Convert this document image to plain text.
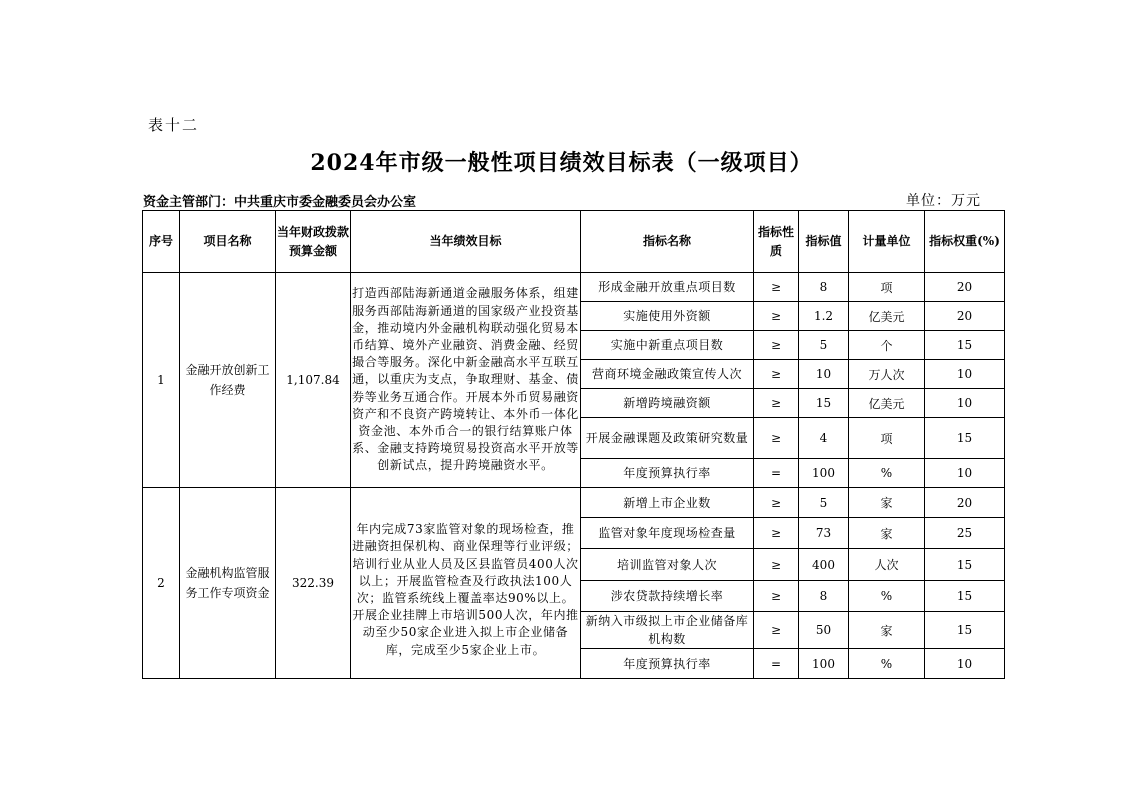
表十二
2024年市级一般性项目绩效目标表（一级项目）
资金主管部门：中共重庆市委金融委员会办公室	单位：万元
序号	项目名称	当年财政拨款预算金额	当年绩效目标	指标名称	指标性质	指标值	计量单位	指标权重(%)
1	金融开放创新工作经费	1,107.84	打造西部陆海新通道金融服务体系，组建服务西部陆海新通道的国家级产业投资基金，推动境内外金融机构联动强化贸易本币结算、境外产业融资、消费金融、经贸撮合等服务。深化中新金融高水平互联互通，以重庆为支点，争取理财、基金、债券等业务互通合作。开展本外币贸易融资资产和不良资产跨境转让、本外币一体化资金池、本外币合一的银行结算账户体系、金融支持跨境贸易投资高水平开放等创新试点，提升跨境融资水平。	形成金融开放重点项目数	≥	8	项	20
				实施使用外资额	≥	1.2	亿美元	20
				实施中新重点项目数	≥	5	个	15
				营商环境金融政策宣传人次	≥	10	万人次	10
				新增跨境融资额	≥	15	亿美元	10
				开展金融课题及政策研究数量	≥	4	项	15
				年度预算执行率	=	100	%	10
2	金融机构监管服务工作专项资金	322.39	年内完成73家监管对象的现场检查，推进融资担保机构、商业保理等行业评级；培训行业从业人员及区县监管员400人次以上；开展监管检查及行政执法100人次；监管系统线上覆盖率达90%以上。开展企业挂牌上市培训500人次，年内推动至少50家企业进入拟上市企业储备库，完成至少5家企业上市。	新增上市企业数	≥	5	家	20
				监管对象年度现场检查量	≥	73	家	25
				培训监管对象人次	≥	400	人次	15
				涉农贷款持续增长率	≥	8	%	15
				新纳入市级拟上市企业储备库机构数	≥	50	家	15
				年度预算执行率	=	100	%	10
